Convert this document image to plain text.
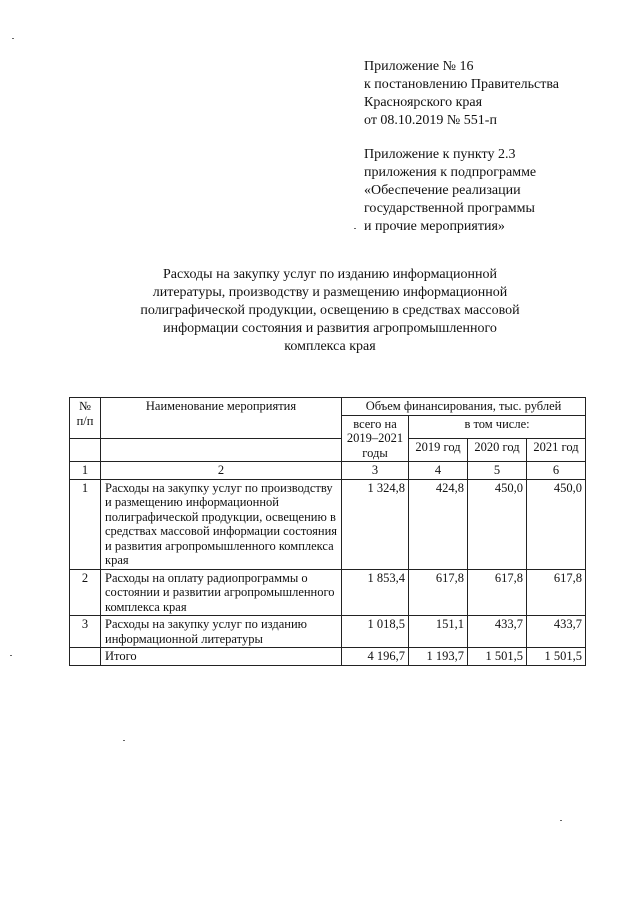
Приложение № 16
к постановлению Правительства
Красноярского края
от 08.10.2019 № 551-п
Приложение к пункту 2.3
приложения к подпрограмме
«Обеспечение реализации
государственной программы
и прочие мероприятия»
Расходы на закупку услуг по изданию информационной
литературы, производству и размещению информационной
полиграфической продукции, освещению в средствах массовой
информации состояния и развития агропромышленного
комплекса края
№ п/п	Наименование мероприятия	Объем финансирования, тыс. рублей			
		всего на 2019–2021 годы	в том числе:		
			2019 год	2020 год	2021 год
1	2	3	4	5	6
1	Расходы на закупку услуг по производству и размещению информационной полиграфической продукции, освещению в средствах массовой информации состояния и развития агропромышленного комплекса края	1 324,8	424,8	450,0	450,0
2	Расходы на оплату радиопрограммы о состоянии и развитии агропромышленного комплекса края	1 853,4	617,8	617,8	617,8
3	Расходы на закупку услуг по изданию информационной литературы	1 018,5	151,1	433,7	433,7
	Итого	4 196,7	1 193,7	1 501,5	1 501,5
